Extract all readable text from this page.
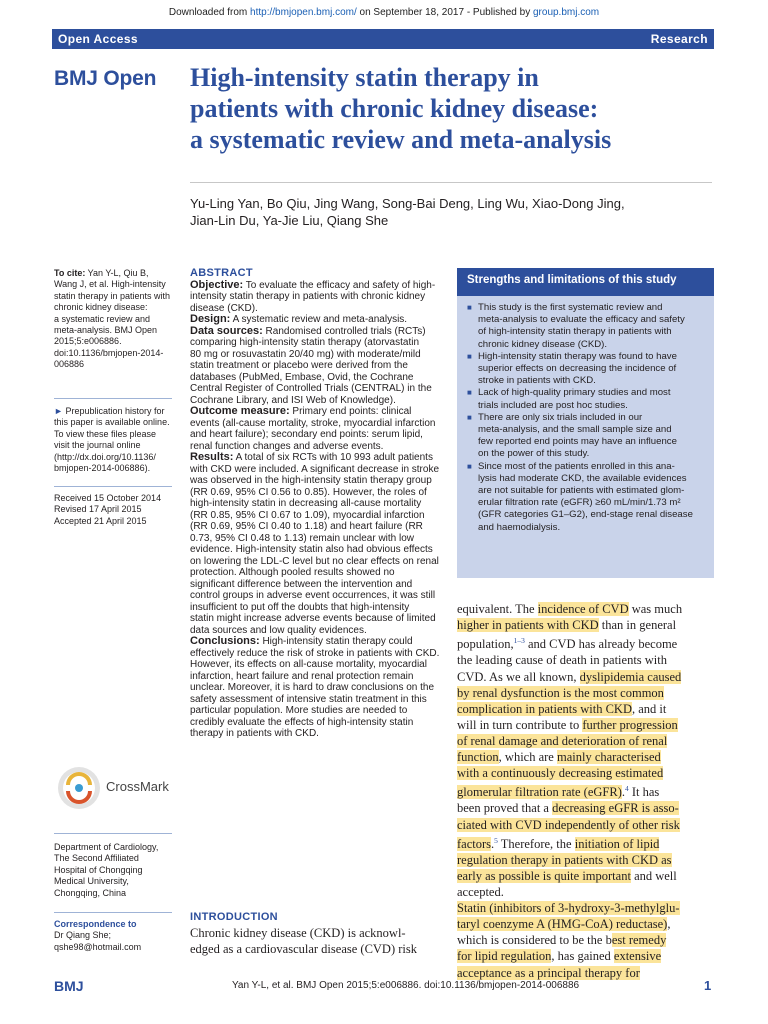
Downloaded from http://bmjopen.bmj.com/ on September 18, 2017 - Published by group.bmj.com
Open Access	Research
BMJ Open High-intensity statin therapy in
patients with chronic kidney disease:
a systematic review and meta-analysis
Yu-Ling Yan, Bo Qiu, Jing Wang, Song-Bai Deng, Ling Wu, Xiao-Dong Jing,
Jian-Lin Du, Ya-Jie Liu, Qiang She
To cite: Yan Y-L, Qiu B,
Wang J, et al. High-intensity
statin therapy in patients with
chronic kidney disease:
a systematic review and
meta-analysis. BMJ Open
2015;5:e006886.
doi:10.1136/bmjopen-2014-
006886
► Prepublication history for
this paper is available online.
To view these files please
visit the journal online
(http://dx.doi.org/10.1136/
bmjopen-2014-006886).
Received 15 October 2014
Revised 17 April 2015
Accepted 21 April 2015
CrossMark
Department of Cardiology,
The Second Affiliated
Hospital of Chongqing
Medical University,
Chongqing, China
Correspondence to
Dr Qiang She;
qshe98@hotmail.com
ABSTRACT
Objective: To evaluate the efficacy and safety of high-
intensity statin therapy in patients with chronic kidney
disease (CKD).
Design: A systematic review and meta-analysis.
Data sources: Randomised controlled trials (RCTs)
comparing high-intensity statin therapy (atorvastatin
80 mg or rosuvastatin 20/40 mg) with moderate/mild
statin treatment or placebo were derived from the
databases (PubMed, Embase, Ovid, the Cochrane
Central Register of Controlled Trials (CENTRAL) in the
Cochrane Library, and ISI Web of Knowledge).
Outcome measure: Primary end points: clinical
events (all-cause mortality, stroke, myocardial infarction
and heart failure); secondary end points: serum lipid,
renal function changes and adverse events.
Results: A total of six RCTs with 10 993 adult patients
with CKD were included. A significant decrease in stroke
was observed in the high-intensity statin therapy group
(RR 0.69, 95% CI 0.56 to 0.85). However, the roles of
high-intensity statin in decreasing all-cause mortality
(RR 0.85, 95% CI 0.67 to 1.09), myocardial infarction
(RR 0.69, 95% CI 0.40 to 1.18) and heart failure (RR
0.73, 95% CI 0.48 to 1.13) remain unclear with low
evidence. High-intensity statin also had obvious effects
on lowering the LDL-C level but no clear effects on renal
protection. Although pooled results showed no
significant difference between the intervention and
control groups in adverse event occurrences, it was still
insufficient to put off the doubts that high-intensity
statin might increase adverse events because of limited
data sources and low quality evidences.
Conclusions: High-intensity statin therapy could
effectively reduce the risk of stroke in patients with CKD.
However, its effects on all-cause mortality, myocardial
infarction, heart failure and renal protection remain
unclear. Moreover, it is hard to draw conclusions on the
safety assessment of intensive statin treatment in this
particular population. More studies are needed to
credibly evaluate the effects of high-intensity statin
therapy in patients with CKD.
INTRODUCTION
Chronic kidney disease (CKD) is acknowl-
edged as a cardiovascular disease (CVD) risk
Strengths and limitations of this study
■ This study is the first systematic review and
meta-analysis to evaluate the efficacy and safety
of high-intensity statin therapy in patients with
chronic kidney disease (CKD).
■ High-intensity statin therapy was found to have
superior effects on decreasing the incidence of
stroke in patients with CKD.
■ Lack of high-quality primary studies and most
trials included are post hoc studies.
■ There are only six trials included in our
meta-analysis, and the small sample size and
few reported end points may have an influence
on the power of this study.
■ Since most of the patients enrolled in this ana-
lysis had moderate CKD, the available evidences
are not suitable for patients with estimated glom-
erular filtration rate (eGFR) ≥60 mL/min/1.73 m²
(GFR categories G1–G2), end-stage renal disease
and haemodialysis.
equivalent. The incidence of CVD was much
higher in patients with CKD than in general
population,$^{1-3}$ and CVD has already become
the leading cause of death in patients with
CVD. As we all known, dyslipidemia caused
by renal dysfunction is the most common
complication in patients with CKD, and it
will in turn contribute to further progression
of renal damage and deterioration of renal
function, which are mainly characterised
with a continuously decreasing estimated
glomerular filtration rate (eGFR).$^4$ It has
been proved that a decreasing eGFR is asso-
ciated with CVD independently of other risk
factors.$^5$ Therefore, the initiation of lipid
regulation therapy in patients with CKD as
early as possible is quite important and well
accepted.
Statin (inhibitors of 3-hydroxy-3-methylglu-
taryl coenzyme A (HMG-CoA) reductase),
which is considered to be the best remedy
for lipid regulation, has gained extensive
acceptance as a principal therapy for
BMJ	Yan Y-L, et al. BMJ Open 2015;5:e006886. doi:10.1136/bmjopen-2014-006886	1
